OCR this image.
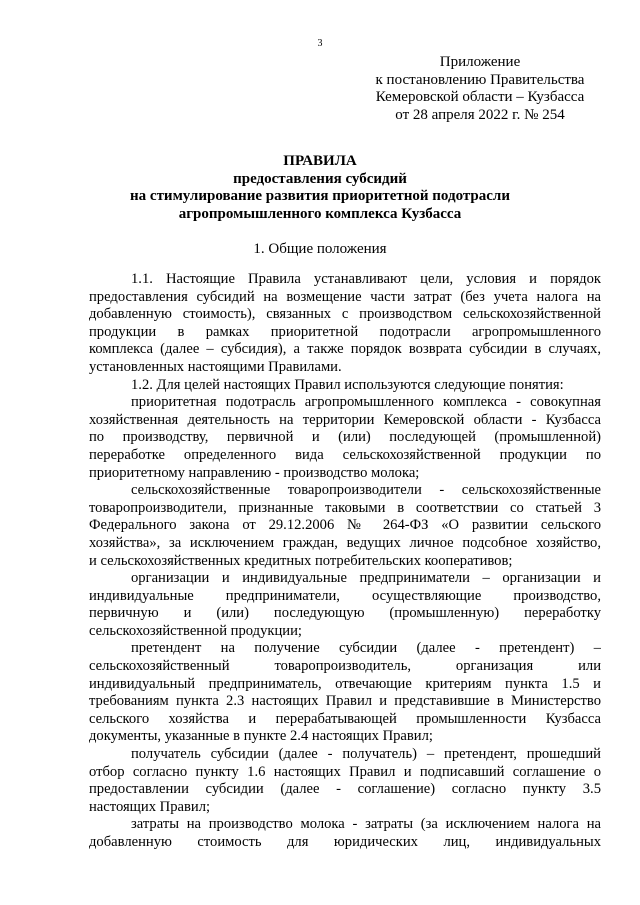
3
Приложение
к постановлению Правительства
Кемеровской области – Кузбасса
от 28 апреля 2022 г. № 254
ПРАВИЛА
предоставления субсидий
на стимулирование развития приоритетной подотрасли
агропромышленного комплекса Кузбасса
1. Общие положения
1.1. Настоящие Правила устанавливают цели, условия и порядок
предоставления субсидий на возмещение части затрат (без учета налога на
добавленную стоимость), связанных с производством сельскохозяйственной
продукции в рамках приоритетной подотрасли агропромышленного
комплекса (далее – субсидия), а также порядок возврата субсидии в случаях,
установленных настоящими Правилами.
1.2. Для целей настоящих Правил используются следующие понятия:
приоритетная подотрасль агропромышленного комплекса - совокупная
хозяйственная деятельность на территории Кемеровской области - Кузбасса
по производству, первичной и (или) последующей (промышленной)
переработке определенного вида сельскохозяйственной продукции по
приоритетному направлению - производство молока;
сельскохозяйственные товаропроизводители - сельскохозяйственные
товаропроизводители, признанные таковыми в соответствии со статьей 3
Федерального закона от 29.12.2006 № 264-ФЗ «О развитии сельского
хозяйства», за исключением граждан, ведущих личное подсобное хозяйство,
и сельскохозяйственных кредитных потребительских кооперативов;
организации и индивидуальные предприниматели – организации и
индивидуальные предприниматели, осуществляющие производство,
первичную и (или) последующую (промышленную) переработку
сельскохозяйственной продукции;
претендент на получение субсидии (далее - претендент) –
сельскохозяйственный товаропроизводитель, организация или
индивидуальный предприниматель, отвечающие критериям пункта 1.5 и
требованиям пункта 2.3 настоящих Правил и представившие в Министерство
сельского хозяйства и перерабатывающей промышленности Кузбасса
документы, указанные в пункте 2.4 настоящих Правил;
получатель субсидии (далее - получатель) – претендент, прошедший
отбор согласно пункту 1.6 настоящих Правил и подписавший соглашение о
предоставлении субсидии (далее - соглашение) согласно пункту 3.5
настоящих Правил;
затраты на производство молока - затраты (за исключением налога на
добавленную стоимость для юридических лиц, индивидуальных
